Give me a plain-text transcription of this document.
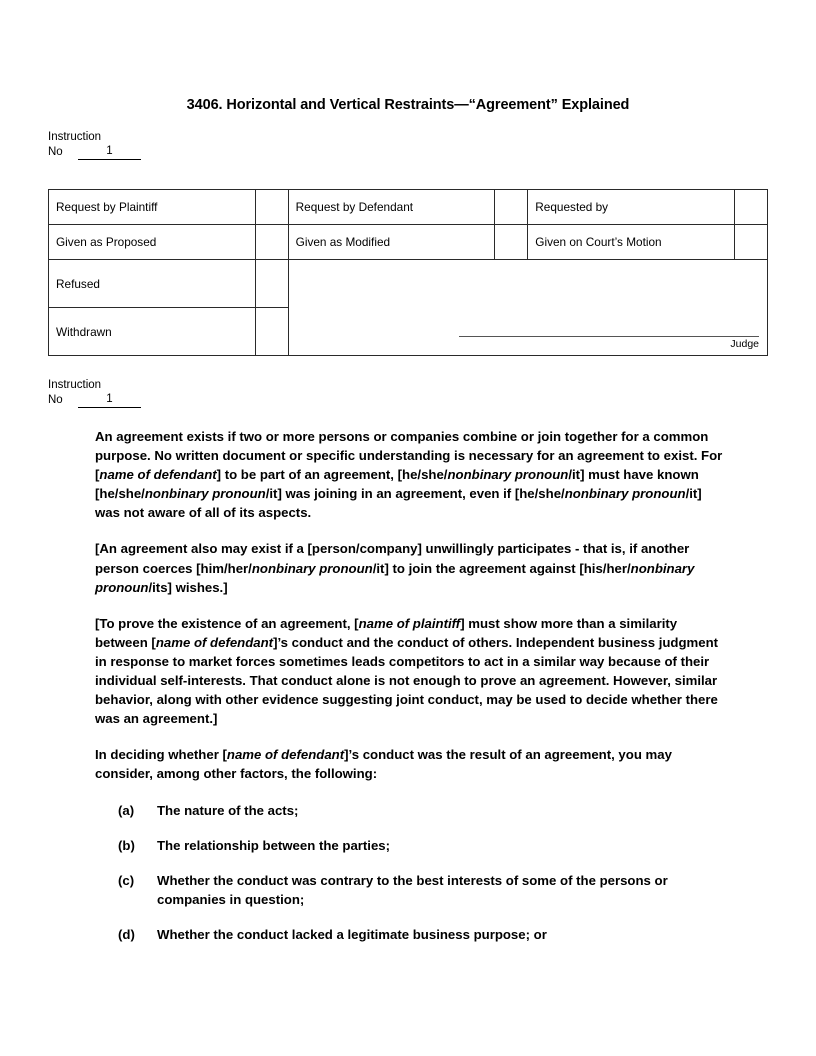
3406. Horizontal and Vertical Restraints—“Agreement” Explained
Instruction
No	1
Request by Plaintiff		Request by Defendant		Requested by	
Given as Proposed		Given as Modified		Given on Court’s Motion	
Refused		Judge			

Withdrawn					
Instruction
No	1

An agreement exists if two or more persons or companies combine or join together for a common purpose. No written document or specific understanding is necessary for an agreement to exist. For [name of defendant] to be part of an agreement, [he/she/nonbinary pronoun/it] must have known [he/she/nonbinary pronoun/it] was joining in an agreement, even if [he/she/nonbinary pronoun/it] was not aware of all of its aspects.

[An agreement also may exist if a [person/company] unwillingly participates - that is, if another person coerces [him/her/nonbinary pronoun/it] to join the agreement against [his/her/nonbinary pronoun/its] wishes.]

[To prove the existence of an agreement, [name of plaintiff] must show more than a similarity between [name of defendant]’s conduct and the conduct of others. Independent business judgment in response to market forces sometimes leads competitors to act in a similar way because of their individual self-interests. That conduct alone is not enough to prove an agreement. However, similar behavior, along with other evidence suggesting joint conduct, may be used to decide whether there was an agreement.]

In deciding whether [name of defendant]’s conduct was the result of an agreement, you may consider, among other factors, the following:

(a) The nature of the acts;
(b) The relationship between the parties;
(c) Whether the conduct was contrary to the best interests of some of the persons or companies in question;
(d) Whether the conduct lacked a legitimate business purpose; or
